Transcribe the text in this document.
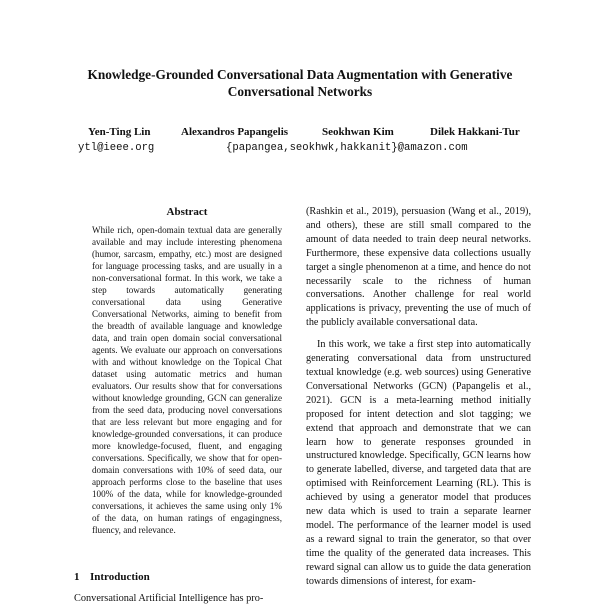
Knowledge-Grounded Conversational Data Augmentation with Generative Conversational Networks
Yen-Ting Lin
ytl@ieee.org
Alexandros Papangelis	Seokhwan Kim
{papangea,seokhwk,hakkanit}@amazon.com
Dilek Hakkani-Tur
Abstract

While rich, open-domain textual data are generally available and may include interesting phenomena (humor, sarcasm, empathy, etc.) most are designed for language processing tasks, and are usually in a non-conversational format. In this work, we take a step towards automatically generating conversational data using Generative Conversational Networks, aiming to benefit from the breadth of available language and knowledge data, and train open domain social conversational agents. We evaluate our approach on conversations with and without knowledge on the Topical Chat dataset using automatic metrics and human evaluators. Our results show that for conversations without knowledge grounding, GCN can generalize from the seed data, producing novel conversations that are less relevant but more engaging and for knowledge-grounded conversations, it can produce more knowledge-focused, fluent, and engaging conversations. Specifically, we show that for open-domain conversations with 10% of seed data, our approach performs close to the baseline that uses 100% of the data, while for knowledge-grounded conversations, it achieves the same using only 1% of the data, on human ratings of engagingness, fluency, and relevance.

1 Introduction

Conversational Artificial Intelligence has pro-

(Rashkin et al., 2019), persuasion (Wang et al., 2019), and others), these are still small compared to the amount of data needed to train deep neural networks. Furthermore, these expensive data collections usually target a single phenomenon at a time, and hence do not necessarily scale to the richness of human conversations. Another challenge for real world applications is privacy, preventing the use of much of the publicly available conversational data.

In this work, we take a first step into automatically generating conversational data from unstructured textual knowledge (e.g. web sources) using Generative Conversational Networks (GCN) (Papangelis et al., 2021). GCN is a meta-learning method initially proposed for intent detection and slot tagging; we extend that approach and demonstrate that we can learn how to generate responses grounded in unstructured knowledge. Specifically, GCN learns how to generate labelled, diverse, and targeted data that are optimised with Reinforcement Learning (RL). This is achieved by using a generator model that produces new data which is used to train a separate learner model. The performance of the learner model is used as a reward signal to train the generator, so that over time the quality of the generated data increases. This reward signal can allow us to guide the data generation towards dimensions of interest, for exam-
